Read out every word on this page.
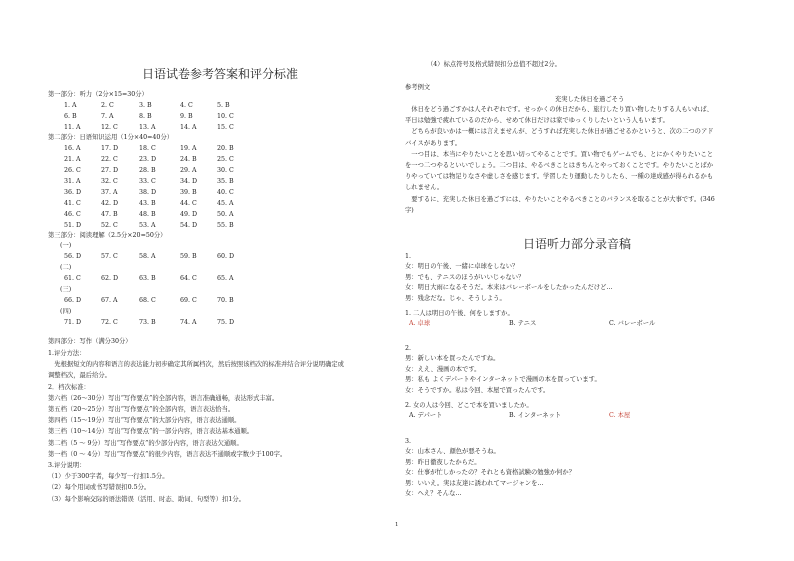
日语试卷参考答案和评分标准
第一部分：听力（2分×15=30分）
1. A	2. C	3. B	4. C	5. B
6. B	7. A	8. B	9. B	10. C
11. A	12. C	13. A	14. A	15. C
第二部分：日语知识运用（1分×40=40分）
16. A	17. D	18. C	19. A	20. B
21. A	22. C	23. D	24. B	25. C
26. C	27. D	28. B	29. A	30. C
31. A	32. C	33. C	34. D	35. B
36. D	37. A	38. D	39. B	40. C
41. C	42. D	43. B	44. C	45. A
46. C	47. B	48. B	49. D	50. A
51. D	52. C	53. A	54. D	55. B
第三部分：阅读理解（2.5分×20=50分）
(一)
56. D	57. C	58. A	59. B	60. D
(二)
61. C	62. D	63. B	64. C	65. A
(三)
66. D	67. A	68. C	69. C	70. B
(四)
71. D	72. C	73. B	74. A	75. D
第四部分：写作（满分30分）
1.评分方法：
　先根据短文的内容和语言的表达能力初步确定其所属档次，然后按照该档次的标准并结合评分说明确定或
调整档次，最后给分。
2．档次标准：
第六档（26～30分）写出“写作要点”的全部内容，语言准确通畅，表达形式丰富。
第五档（20～25分）写出“写作要点”的全部内容，语言表达恰当。
第四档（15～19分）写出“写作要点”的大部分内容，语言表达通顺。
第三档（10～14分）写出“写作要点”的一部分内容，语言表达基本通顺。
第二档（5 ～ 9分）写出“写作要点”的少部分内容，语言表达欠通顺。
第一档（0 ～ 4分）写出“写作要点”的很少内容，语言表达不通顺或字数少于100字。
3.评分说明：
（1）少于300字者，每少写一行扣1.5分。
（2）每个用词或书写错误扣0.5分。
（3）每个影响交际的语法错误（活用、时态、助词、句型等）扣1分。
（4）标点符号及格式错误扣分总值不超过2分。
参考例文
充実した休日を過ごそう
　休日をどう過ごすかは人それぞれです。せっかくの休日だから、旅行したり買い物したりする人もいれば、
平日は勉強で疲れているのだから、せめて休日だけは家でゆっくりしたいという人もいます。
　どちらが良いかは一概には言えませんが、どうすれば充実した休日が過ごせるかというと、次の二つのアド
バイスがあります。
　一つ目は、本当にやりたいことを思い切ってやることです。買い物でもゲームでも、とにかくやりたいこと
を一つ二つやるといいでしょう。二つ目は、やるべきことはきちんとやっておくことです。やりたいことばか
りやっていては物足りなさや虚しさを感じます。学習したり運動したりしたら、一種の達成感が得られるかも
しれません。
　要するに、充実した休日を過ごすには、やりたいことやるべきことのバランスを取ることが大事です。(346
字)
日语听力部分录音稿
1.
女：明日の午後、一緒に卓球をしない？
男：でも、テニスのほうがいいじゃない？
女：明日大雨になるそうだ。本来はバレーボールをしたかったんだけど…
男：残念だな。じゃ、そうしよう。
1. 二人は明日の午後、何をしますか。
A. 卓球	B. テニス	C. バレーボール
2.
男：新しい本を買ったんですね。
女：ええ、漫画の本です。
男：私も よくデパートやインターネットで漫画の本を買っています。
女：そうですか。私は今回、本屋で買ったんです。
2. 女の人は今回、どこで本を買いましたか。
A. デパート	B. インターネット	C. 本屋
3.
女：山本さん、顔色が悪そうね。
男：昨日徹夜したからだ。
女：仕事が忙しかったの？それとも資格試験の勉強か何か？
男：いいえ。実は友達に誘われてマージャンを…
女：へえ？そんな…
1
